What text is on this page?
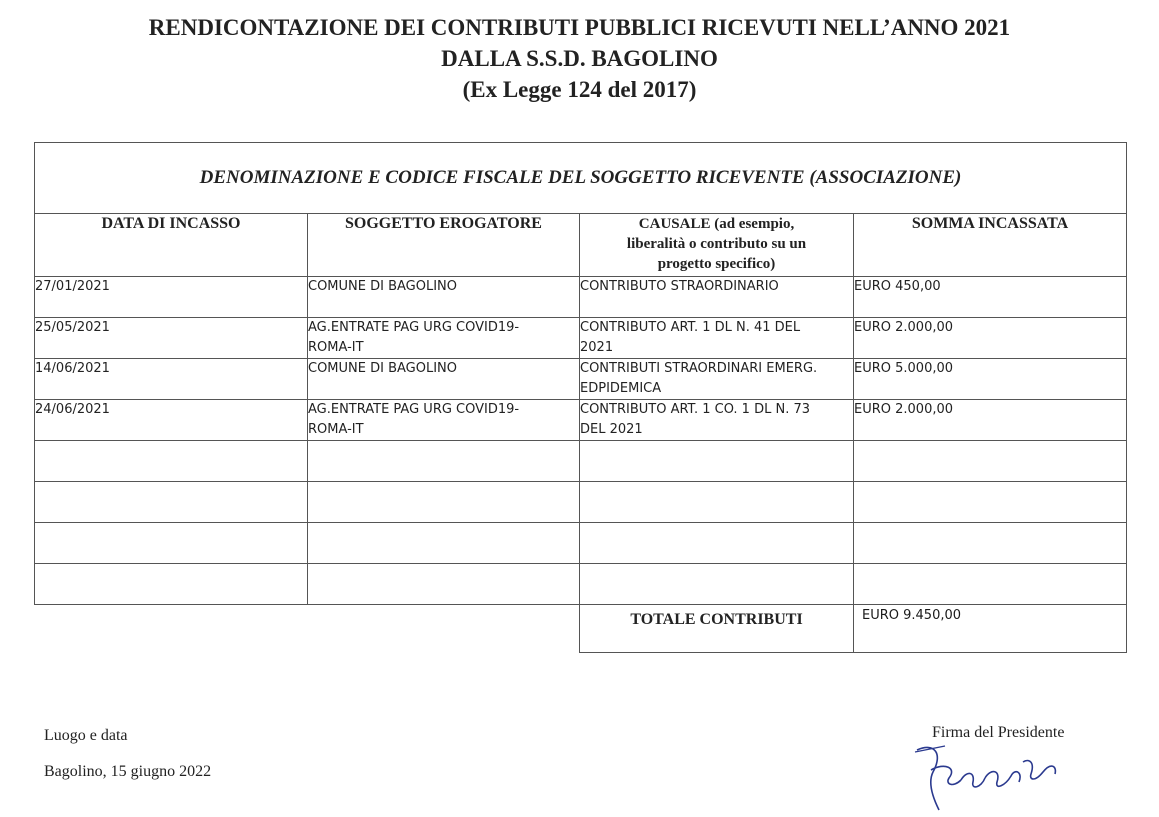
RENDICONTAZIONE DEI CONTRIBUTI PUBBLICI RICEVUTI NELL’ANNO 2021
DALLA S.S.D. BAGOLINO
(Ex Legge 124 del 2017)
DENOMINAZIONE E CODICE FISCALE DEL SOGGETTO RICEVENTE (ASSOCIAZIONE)			
DATA DI INCASSO	SOGGETTO EROGATORE	CAUSALE (ad esempio,
liberalità o contributo su un
progetto specifico)	SOMMA INCASSATA

27/01/2021	COMUNE DI BAGOLINO	CONTRIBUTO STRAORDINARIO	EURO 450,00

25/05/2021	AG.ENTRATE PAG URG COVID19-
ROMA-IT	CONTRIBUTO ART. 1 DL N. 41 DEL
2021	EURO 2.000,00

14/06/2021	COMUNE DI BAGOLINO	CONTRIBUTI STRAORDINARI EMERG.
EDPIDEMICA	EURO 5.000,00

24/06/2021	AG.ENTRATE PAG URG COVID19-
ROMA-IT	CONTRIBUTO ART. 1 CO. 1 DL N. 73
DEL 2021	EURO 2.000,00

		TOTALE CONTRIBUTI	EURO 9.450,00
Luogo e data
Bagolino, 15 giugno 2022
Firma del Presidente
